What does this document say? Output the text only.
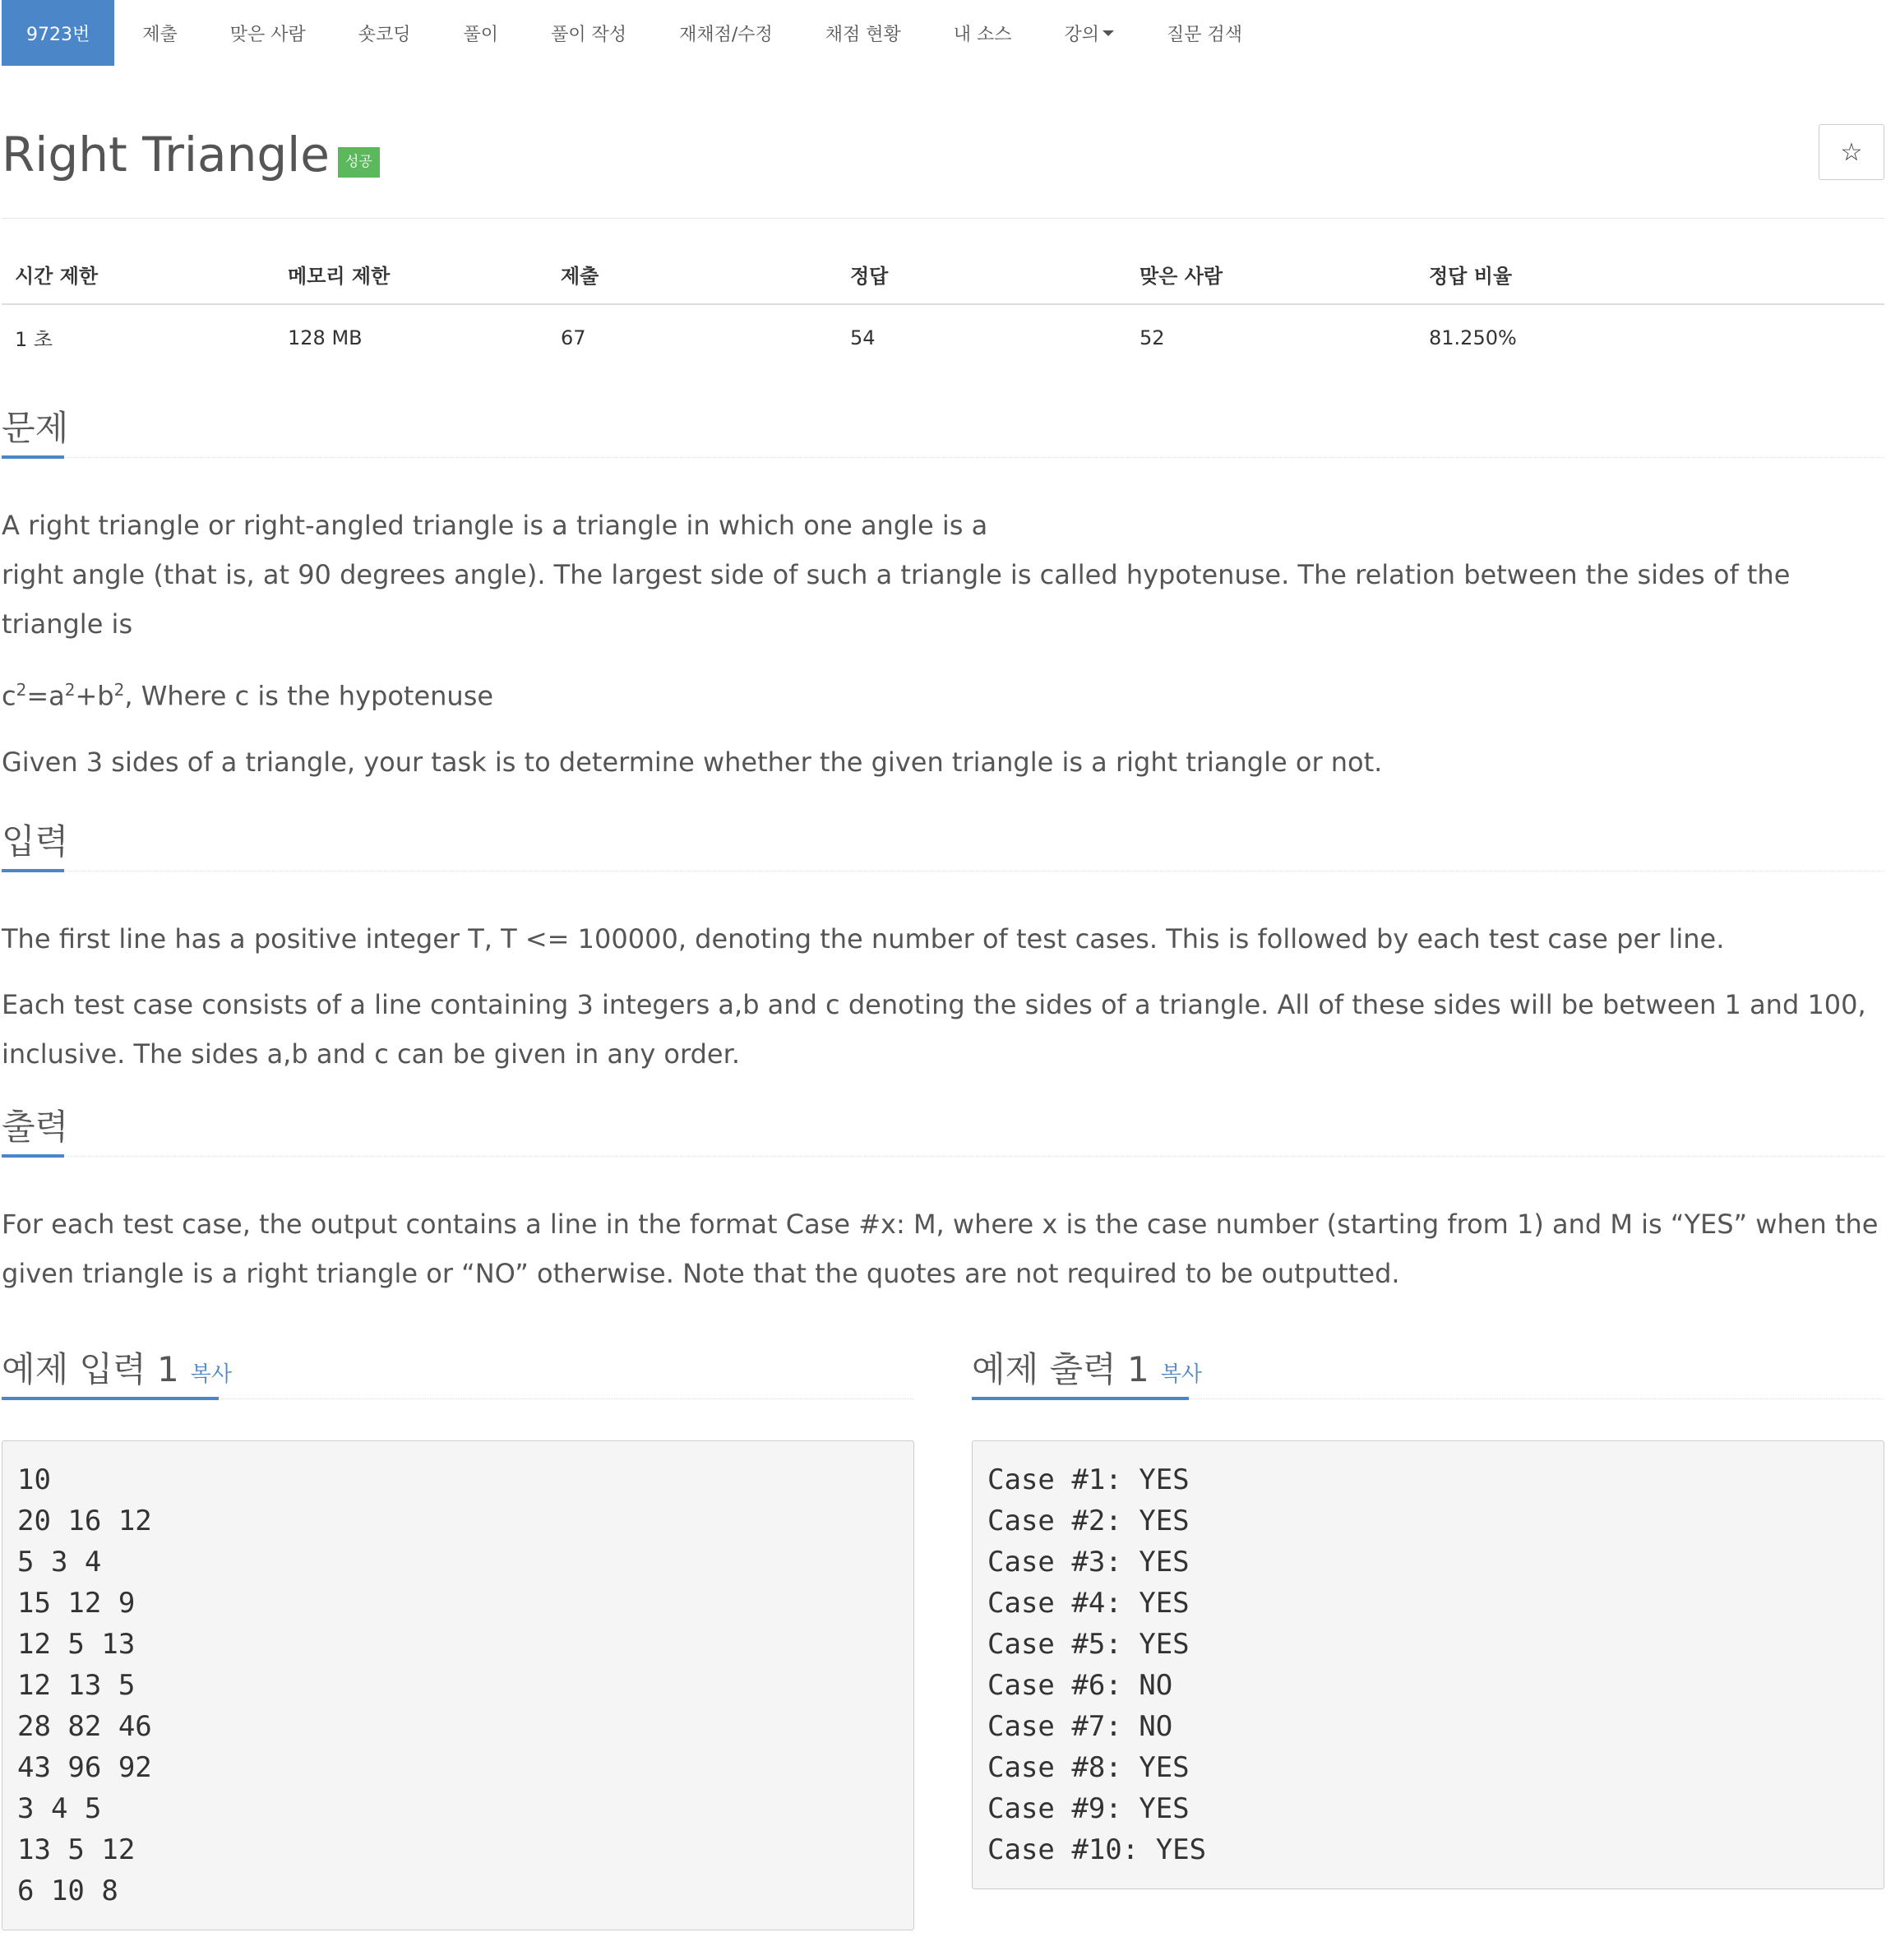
9723번	제출	맞은 사람	숏코딩	풀이	풀이 작성	재채점/수정	채점 현황	내 소스	강의	질문 검색
Right Triangle 성공	☆
시간 제한	메모리 제한	제출	정답	맞은 사람	정답 비율
1 초	128 MB	67	54	52	81.250%
문제

A right triangle or right-angled triangle is a triangle in which one angle is a

right angle (that is, at 90 degrees angle). The largest side of such a triangle is called hypotenuse. The relation between the sides of the triangle is

$c^2=a^2+b^2$, Where c is the hypotenuse

Given 3 sides of a triangle, your task is to determine whether the given triangle is a right triangle or not.

입력

The first line has a positive integer T, T <= 100000, denoting the number of test cases. This is followed by each test case per line.

Each test case consists of a line containing 3 integers a,b and c denoting the sides of a triangle. All of these sides will be between 1 and 100, inclusive. The sides a,b and c can be given in any order.

출력

For each test case, the output contains a line in the format Case #x: M, where x is the case number (starting from 1) and M is “YES” when the given triangle is a right triangle or “NO” otherwise. Note that the quotes are not required to be outputted.

예제 입력 1 복사
10
20 16 12
5 3 4
15 12 9
12 5 13
12 13 5
28 82 46
43 96 92
3 4 5
13 5 12
6 10 8
예제 출력 1 복사
Case #1: YES
Case #2: YES
Case #3: YES
Case #4: YES
Case #5: YES
Case #6: NO
Case #7: NO
Case #8: YES
Case #9: YES
Case #10: YES
